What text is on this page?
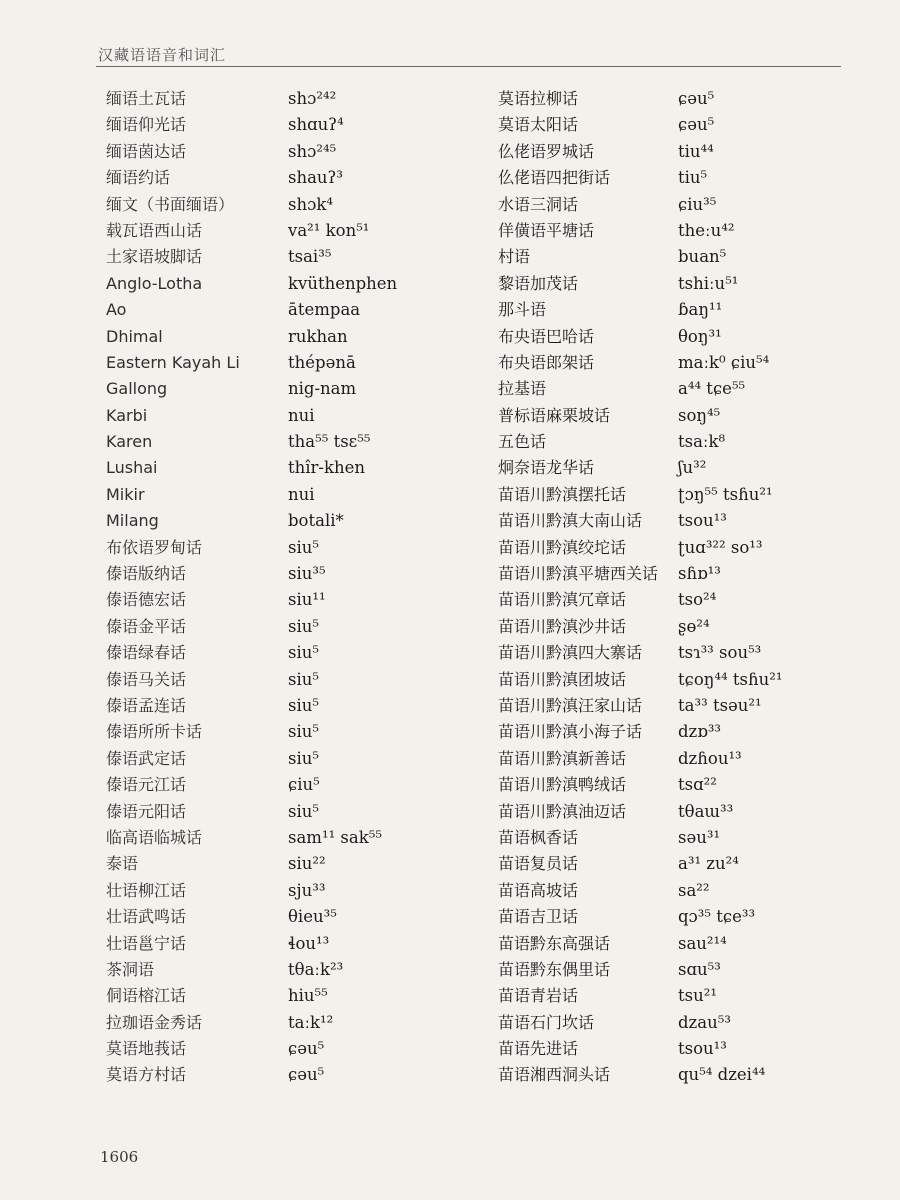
汉藏语语音和词汇
缅语土瓦话	shɔ²⁴²
缅语仰光话	shɑuʔ⁴
缅语茵达话	shɔ²⁴⁵
缅语约话	shauʔ³
缅文（书面缅语）	shɔk⁴
载瓦语西山话	va²¹ kon⁵¹
土家语坡脚话	tsai³⁵
Anglo-Lotha	kvüthenphen
Ao	ātempaa
Dhimal	rukhan
Eastern Kayah Li	thépənā
Gallong	nig-nam
Karbi	nui
Karen	tha⁵⁵ tsɛ⁵⁵
Lushai	thîr-khen
Mikir	nui
Milang	botali*
布依语罗甸话	siu⁵
傣语版纳话	siu³⁵
傣语德宏话	siu¹¹
傣语金平话	siu⁵
傣语绿春话	siu⁵
傣语马关话	siu⁵
傣语孟连话	siu⁵
傣语所所卡话	siu⁵
傣语武定话	siu⁵
傣语元江话	ɕiu⁵
傣语元阳话	siu⁵
临高语临城话	sam¹¹ sak⁵⁵
泰语	siu²²
壮语柳江话	sju³³
壮语武鸣话	θieu³⁵
壮语邕宁话	ɬou¹³
茶洞语	tθaːk²³
侗语榕江话	hiu⁵⁵
拉珈语金秀话	taːk¹²
莫语地莪话	ɕəu⁵
莫语方村话	ɕəu⁵
莫语拉柳话	ɕəu⁵
莫语太阳话	ɕəu⁵
仫佬语罗城话	tiu⁴⁴
仫佬语四把街话	tiu⁵
水语三洞话	ɕiu³⁵
佯僙语平塘话	theːu⁴²
村语	buan⁵
黎语加茂话	tshiːu⁵¹
那斗语	ɓaŋ¹¹
布央语巴哈话	θoŋ³¹
布央语郎架话	maːk⁰ ɕiu⁵⁴
拉基语	a⁴⁴ tɕe⁵⁵
普标语麻栗坡话	soŋ⁴⁵
五色话	tsaːk⁸
炯奈语龙华话	ʃu³²
苗语川黔滇摆托话	ʈɔŋ⁵⁵ tsɦu²¹
苗语川黔滇大南山话 tsou¹³
苗语川黔滇绞坨话	ʈuɑ³²² so¹³
苗语川黔滇平塘西关话 sɦɒ¹³
苗语川黔滇冗章话	tso²⁴
苗语川黔滇沙井话	ʂɵ²⁴
苗语川黔滇四大寨话 tsɿ³³ sou⁵³
苗语川黔滇团坡话	tɕoŋ⁴⁴ tsɦu²¹
苗语川黔滇汪家山话 ta³³ tsəu²¹
苗语川黔滇小海子话 dzɒ³³
苗语川黔滇新善话	dzɦou¹³
苗语川黔滇鸭绒话	tsɑ²²
苗语川黔滇油迈话	tθaɯ³³
苗语枫香话	səu³¹
苗语复员话	a³¹ zu²⁴
苗语高坡话	sa²²
苗语吉卫话	qɔ³⁵ tɕe³³
苗语黔东高强话	sau²¹⁴
苗语黔东偶里话	sɑu⁵³
苗语青岩话	tsu²¹
苗语石门坎话	dzau⁵³
苗语先进话	tsou¹³
苗语湘西洞头话	qu⁵⁴ dzei⁴⁴
1606
